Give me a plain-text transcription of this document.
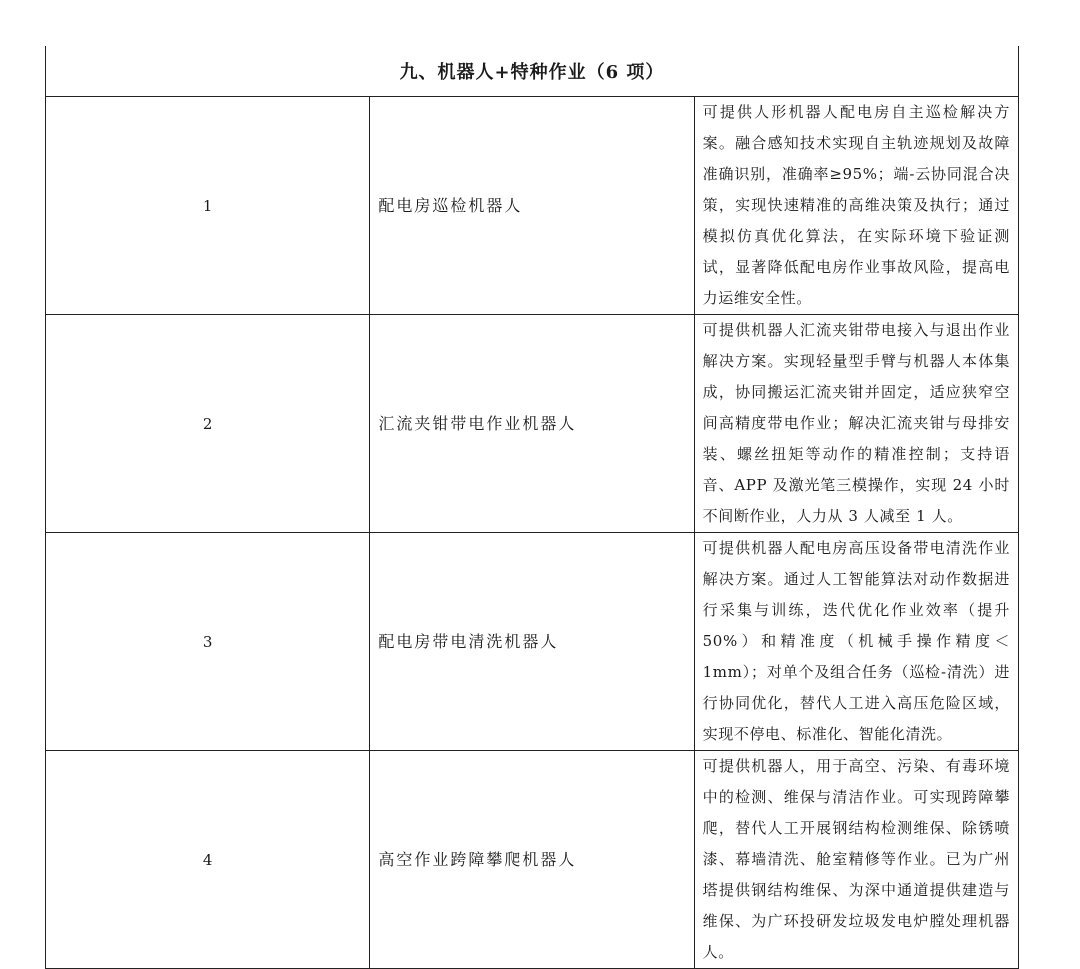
九、机器人+特种作业（6 项）		
1	配电房巡检机器人	可提供人形机器人配电房自主巡检解决方案。融合感知技术实现自主轨迹规划及故障准确识别，准确率≥95%；端-云协同混合决策，实现快速精准的高维决策及执行；通过模拟仿真优化算法，在实际环境下验证测试，显著降低配电房作业事故风险，提高电力运维安全性。
2	汇流夹钳带电作业机器人	可提供机器人汇流夹钳带电接入与退出作业解决方案。实现轻量型手臂与机器人本体集成，协同搬运汇流夹钳并固定，适应狭窄空间高精度带电作业；解决汇流夹钳与母排安装、螺丝扭矩等动作的精准控制；支持语音、APP 及激光笔三模操作，实现 24 小时不间断作业，人力从 3 人减至 1 人。
3	配电房带电清洗机器人	可提供机器人配电房高压设备带电清洗作业解决方案。通过人工智能算法对动作数据进行采集与训练，迭代优化作业效率（提升 50%）和精准度（机械手操作精度＜1mm）；对单个及组合任务（巡检-清洗）进行协同优化，替代人工进入高压危险区域，实现不停电、标准化、智能化清洗。
4	高空作业跨障攀爬机器人	可提供机器人，用于高空、污染、有毒环境中的检测、维保与清洁作业。可实现跨障攀爬，替代人工开展钢结构检测维保、除锈喷漆、幕墙清洗、舱室精修等作业。已为广州塔提供钢结构维保、为深中通道提供建造与维保、为广环投研发垃圾发电炉膛处理机器人。
